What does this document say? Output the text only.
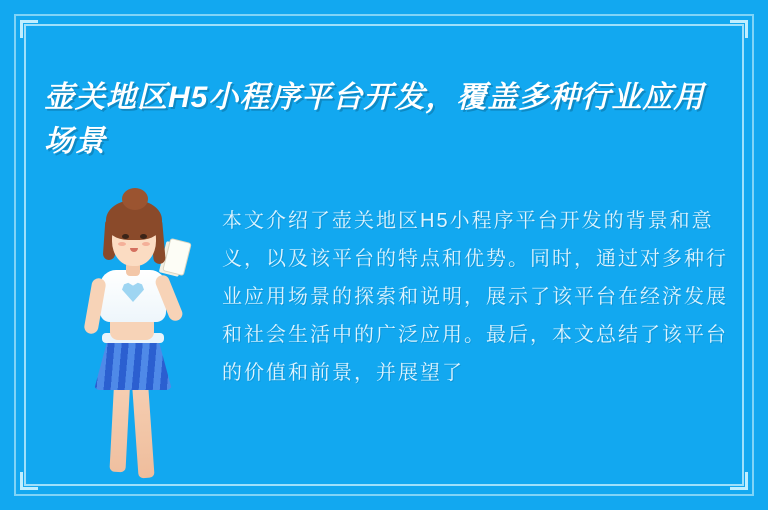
壶关地区H5小程序平台开发，覆盖多种行业应用场景

本文介绍了壶关地区H5小程序平台开发的背景和意义，以及该平台的特点和优势。同时，通过对多种行业应用场景的探索和说明，展示了该平台在经济发展和社会生活中的广泛应用。最后，本文总结了该平台的价值和前景，并展望了
